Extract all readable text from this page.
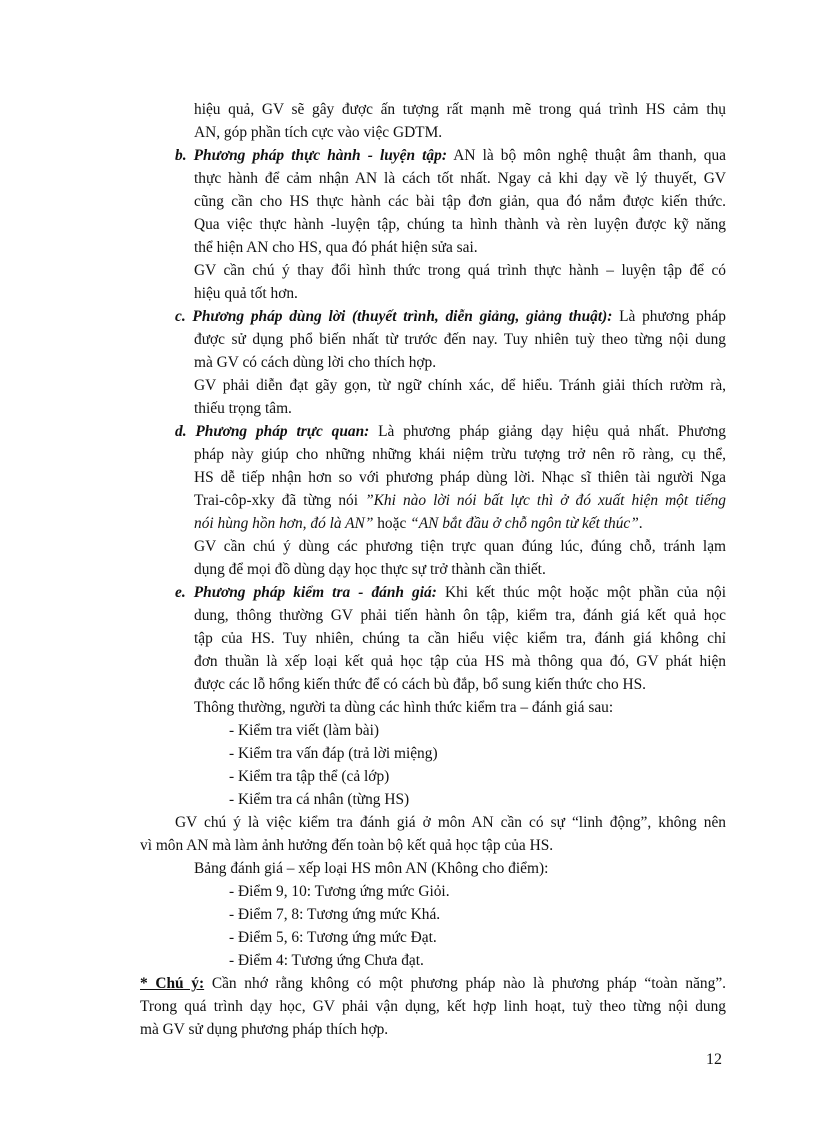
hiệu quả, GV sẽ gây được ấn tượng rất mạnh mẽ trong quá trình HS cảm thụ
AN, góp phần tích cực vào việc GDTM.
b. Phương pháp thực hành - luyện tập: AN là bộ môn nghệ thuật âm thanh, qua
thực hành để cảm nhận AN là cách tốt nhất. Ngay cả khi dạy về lý thuyết, GV
cũng cần cho HS thực hành các bài tập đơn giản, qua đó nắm được kiến thức.
Qua việc thực hành -luyện tập, chúng ta hình thành và rèn luyện được kỹ năng
thể hiện AN cho HS, qua đó phát hiện sửa sai.
GV cần chú ý thay đổi hình thức trong quá trình thực hành – luyện tập để có
hiệu quả tốt hơn.
c. Phương pháp dùng lời (thuyết trình, diễn giảng, giảng thuật): Là phương pháp
được sử dụng phổ biến nhất từ trước đến nay. Tuy nhiên tuỳ theo từng nội dung
mà GV có cách dùng lời cho thích hợp.
GV phải diễn đạt gãy gọn, từ ngữ chính xác, dể hiểu. Tránh giải thích rườm rà,
thiếu trọng tâm.
d. Phương pháp trực quan: Là phương pháp giảng dạy hiệu quả nhất. Phương
pháp này giúp cho những những khái niệm trừu tượng trở nên rõ ràng, cụ thể,
HS dễ tiếp nhận hơn so với phương pháp dùng lời. Nhạc sĩ thiên tài người Nga
Trai-côp-xky đã từng nói ”Khi nào lời nói bất lực thì ở đó xuất hiện một tiếng
nói hùng hồn hơn, đó là AN” hoặc “AN bắt đầu ở chỗ ngôn từ kết thúc”.
GV cần chú ý dùng các phương tiện trực quan đúng lúc, đúng chỗ, tránh lạm
dụng để mọi đồ dùng dạy học thực sự trở thành cần thiết.
e. Phương pháp kiểm tra - đánh giá: Khi kết thúc một hoặc một phần của nội
dung, thông thường GV phải tiến hành ôn tập, kiểm tra, đánh giá kết quả học
tập của HS. Tuy nhiên, chúng ta cần hiểu việc kiểm tra, đánh giá không chỉ
đơn thuần là xếp loại kết quả học tập của HS mà thông qua đó, GV phát hiện
được các lỗ hổng kiến thức để có cách bù đắp, bổ sung kiến thức cho HS.
Thông thường, người ta dùng các hình thức kiểm tra – đánh giá sau:
- Kiểm tra viết (làm bài)
- Kiểm tra vấn đáp (trả lời miệng)
- Kiểm tra tập thể (cả lớp)
- Kiểm tra cá nhân (từng HS)
GV chú ý là việc kiểm tra đánh giá ở môn AN cần có sự “linh động”, không nên
vì môn AN mà làm ảnh hưởng đến toàn bộ kết quả học tập của HS.
Bảng đánh giá – xếp loại HS môn AN (Không cho điểm):
- Điểm 9, 10: Tương ứng mức Giỏi.
- Điểm 7, 8: Tương ứng mức Khá.
- Điểm 5, 6: Tương ứng mức Đạt.
- Điểm 4: Tương ứng Chưa đạt.
* Chú ý: Cần nhớ rằng không có một phương pháp nào là phương pháp “toàn năng”.
Trong quá trình dạy học, GV phải vận dụng, kết hợp linh hoạt, tuỳ theo từng nội dung
mà GV sử dụng phương pháp thích hợp.
12
